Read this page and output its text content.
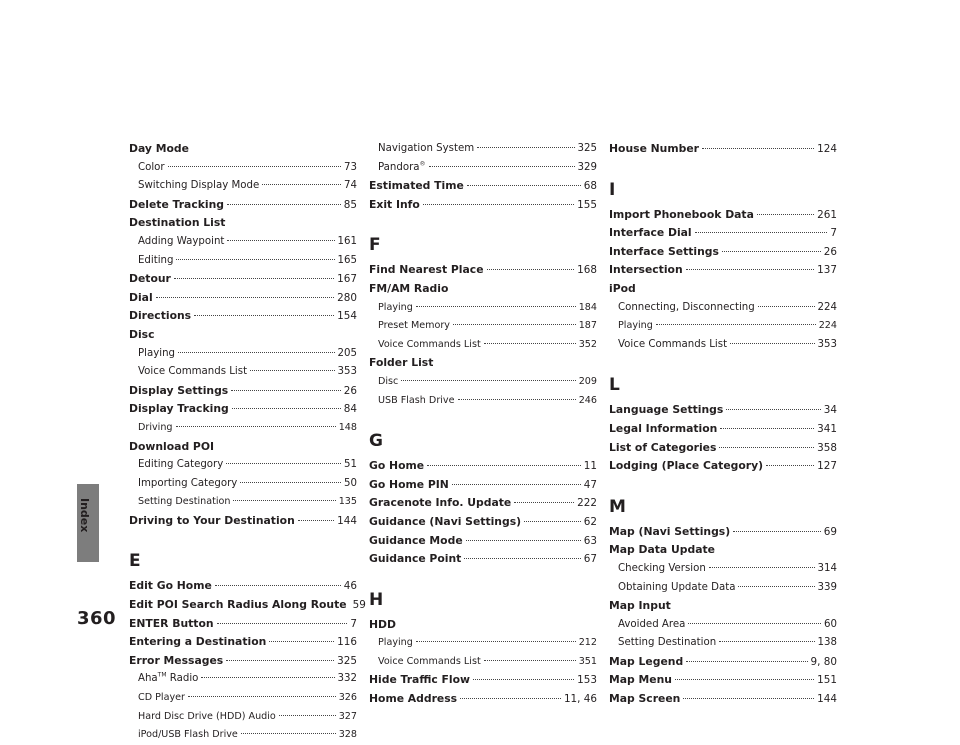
Index
360
Day Mode
Color	73
Switching Display Mode	74
Delete Tracking	85
Destination List
Adding Waypoint	161
Editing	165
Detour	167
Dial	280
Directions	154
Disc
Playing	205
Voice Commands List	353
Display Settings	26
Display Tracking	84
Driving	148
Download POI
Editing Category	51
Importing Category	50
Setting Destination	135
Driving to Your Destination	144
E
Edit Go Home	46
Edit POI Search Radius Along Route 59
ENTER Button	7
Entering a Destination	116
Error Messages	325
Aha™ Radio	332
CD Player	326
Hard Disc Drive (HDD) Audio	327
iPod/USB Flash Drive	328
Navigation System	325
Pandora®	329
Estimated Time	68
Exit Info	155
F
Find Nearest Place	168
FM/AM Radio
Playing	184
Preset Memory	187
Voice Commands List	352
Folder List
Disc	209
USB Flash Drive	246
G
Go Home	11
Go Home PIN	47
Gracenote Info. Update	222
Guidance (Navi Settings)	62
Guidance Mode	63
Guidance Point	67
H
HDD
Playing	212
Voice Commands List	351
Hide Traffic Flow	153
Home Address	11, 46
House Number	124
I
Import Phonebook Data	261
Interface Dial	7
Interface Settings	26
Intersection	137
iPod
Connecting, Disconnecting	224
Playing	224
Voice Commands List	353
L
Language Settings	34
Legal Information	341
List of Categories	358
Lodging (Place Category)	127
M
Map (Navi Settings)	69
Map Data Update
Checking Version	314
Obtaining Update Data	339
Map Input
Avoided Area	60
Setting Destination	138
Map Legend	9, 80
Map Menu	151
Map Screen	144
